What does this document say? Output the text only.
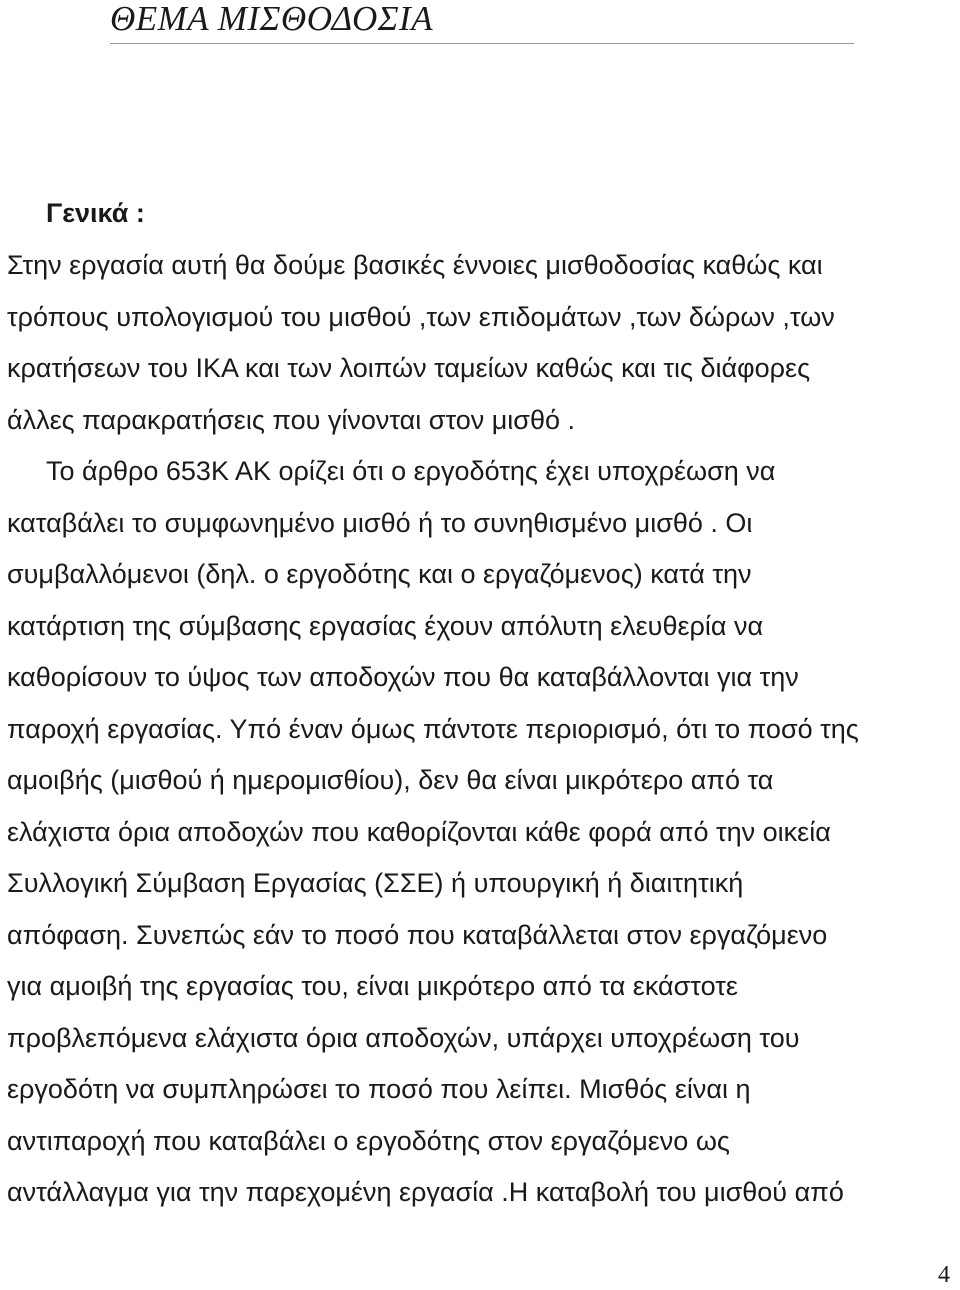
ΘΕΜΑ ΜΙΣΘΟΔΟΣΙΑ
Γενικά :
Στην εργασία αυτή θα δούμε βασικές έννοιες μισθοδοσίας καθώς και
τρόπους υπολογισμού του μισθού ,των επιδομάτων ,των δώρων ,των
κρατήσεων του ΙΚΑ και των λοιπών ταμείων καθώς και τις διάφορες
άλλες παρακρατήσεις που γίνονται στον μισθό .
Το άρθρο 653Κ ΑΚ ορίζει ότι ο εργοδότης έχει υποχρέωση να
καταβάλει το συμφωνημένο μισθό ή το συνηθισμένο μισθό . Οι
συμβαλλόμενοι (δηλ. ο εργοδότης και ο εργαζόμενος) κατά την
κατάρτιση της σύμβασης εργασίας έχουν απόλυτη ελευθερία να
καθορίσουν το ύψος των αποδοχών που θα καταβάλλονται για την
παροχή εργασίας. Υπό έναν όμως πάντοτε περιορισμό, ότι το ποσό της
αμοιβής (μισθού ή ημερομισθίου), δεν θα είναι μικρότερο από τα
ελάχιστα όρια αποδοχών που καθορίζονται κάθε φορά από την οικεία
Συλλογική Σύμβαση Εργασίας (ΣΣΕ) ή υπουργική ή διαιτητική
απόφαση. Συνεπώς εάν το ποσό που καταβάλλεται στον εργαζόμενο
για αμοιβή της εργασίας του, είναι μικρότερο από τα εκάστοτε
προβλεπόμενα ελάχιστα όρια αποδοχών, υπάρχει υποχρέωση του
εργοδότη να συμπληρώσει το ποσό που λείπει. Μισθός είναι η
αντιπαροχή που καταβάλει ο εργοδότης στον εργαζόμενο ως
αντάλλαγμα για την παρεχομένη εργασία .Η καταβολή του μισθού από
4
